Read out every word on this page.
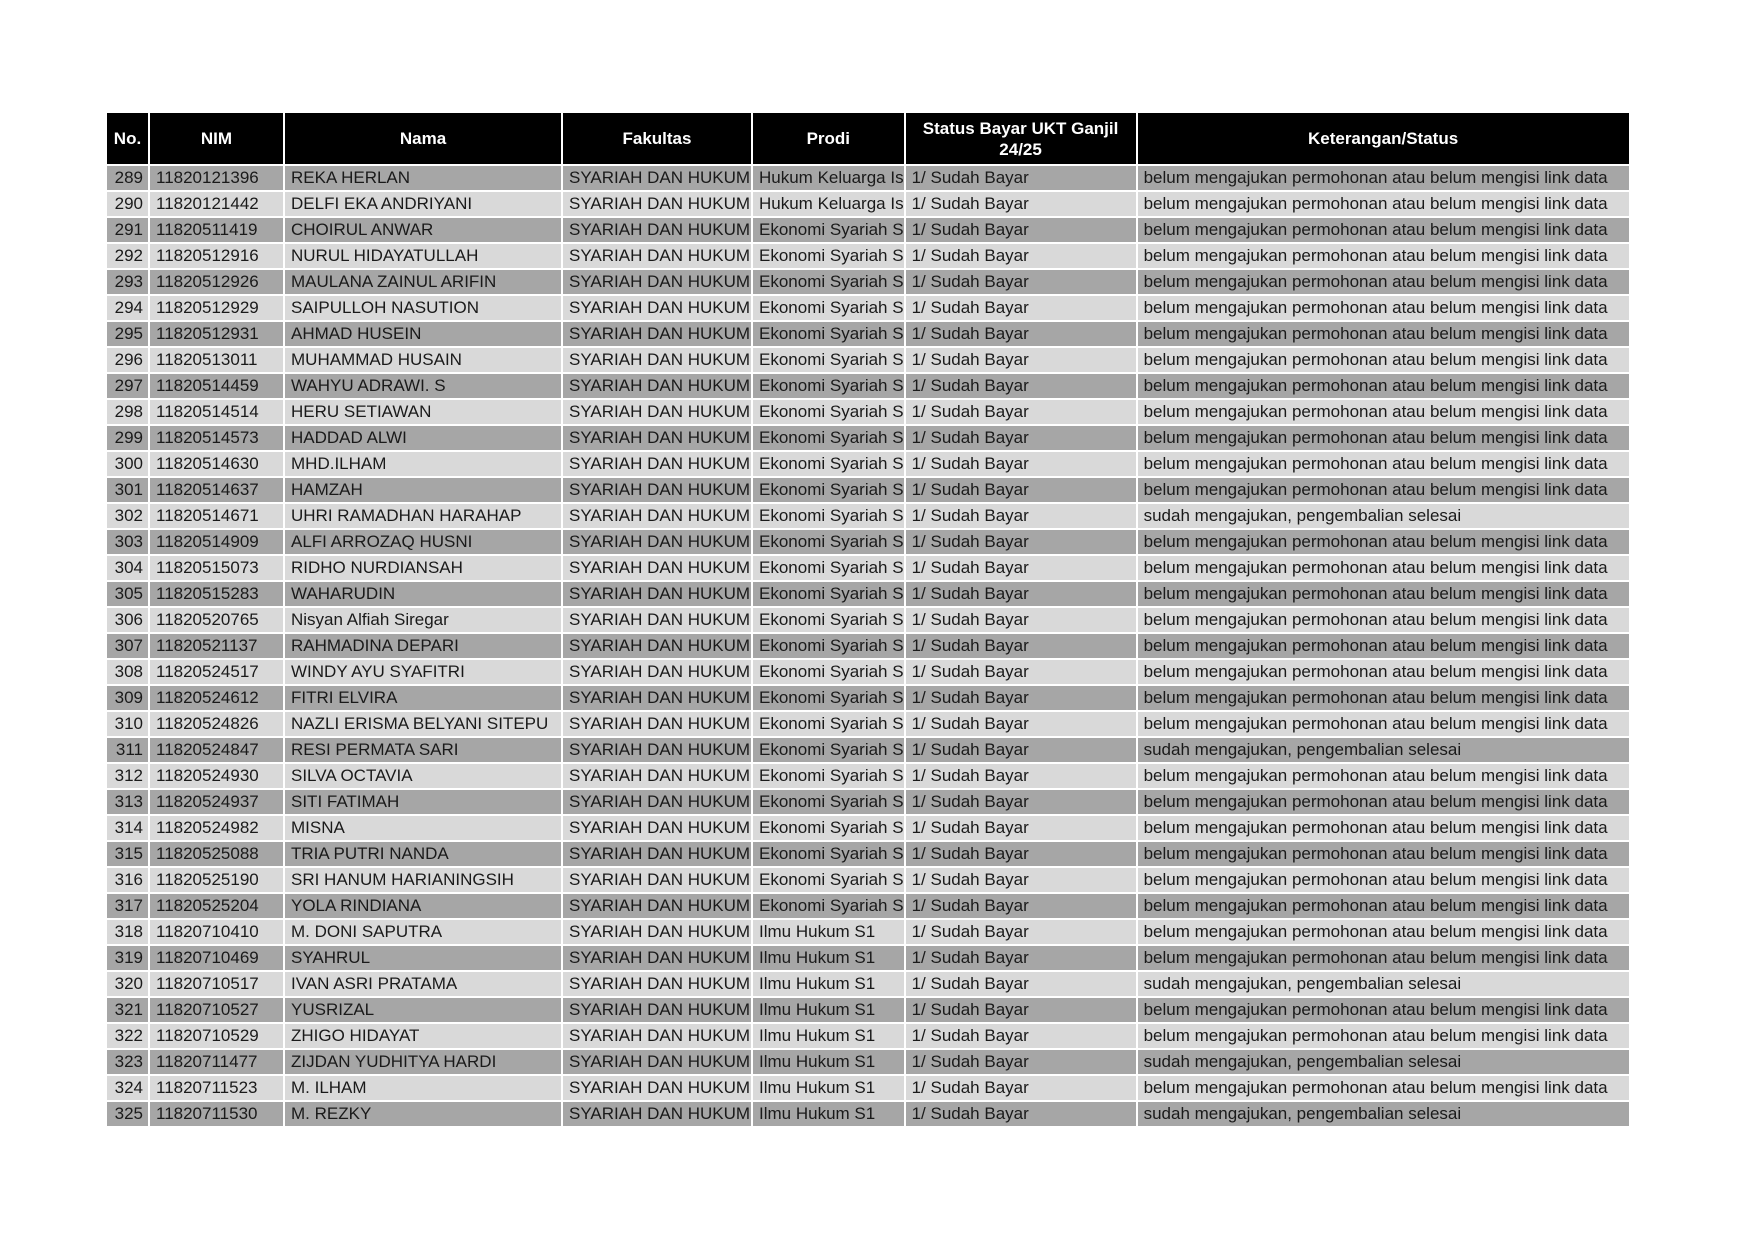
No.	NIM	Nama	Fakultas	Prodi	Status Bayar UKT Ganjil 24/25	Keterangan/Status
289	11820121396	REKA HERLAN	SYARIAH DAN HUKUM	Hukum Keluarga Is	1/ Sudah Bayar	belum mengajukan permohonan atau belum mengisi link data
290	11820121442	DELFI EKA ANDRIYANI	SYARIAH DAN HUKUM	Hukum Keluarga Is	1/ Sudah Bayar	belum mengajukan permohonan atau belum mengisi link data
291	11820511419	CHOIRUL ANWAR	SYARIAH DAN HUKUM	Ekonomi Syariah S	1/ Sudah Bayar	belum mengajukan permohonan atau belum mengisi link data
292	11820512916	NURUL HIDAYATULLAH	SYARIAH DAN HUKUM	Ekonomi Syariah S	1/ Sudah Bayar	belum mengajukan permohonan atau belum mengisi link data
293	11820512926	MAULANA ZAINUL ARIFIN	SYARIAH DAN HUKUM	Ekonomi Syariah S	1/ Sudah Bayar	belum mengajukan permohonan atau belum mengisi link data
294	11820512929	SAIPULLOH NASUTION	SYARIAH DAN HUKUM	Ekonomi Syariah S	1/ Sudah Bayar	belum mengajukan permohonan atau belum mengisi link data
295	11820512931	AHMAD HUSEIN	SYARIAH DAN HUKUM	Ekonomi Syariah S	1/ Sudah Bayar	belum mengajukan permohonan atau belum mengisi link data
296	11820513011	MUHAMMAD HUSAIN	SYARIAH DAN HUKUM	Ekonomi Syariah S	1/ Sudah Bayar	belum mengajukan permohonan atau belum mengisi link data
297	11820514459	WAHYU ADRAWI. S	SYARIAH DAN HUKUM	Ekonomi Syariah S	1/ Sudah Bayar	belum mengajukan permohonan atau belum mengisi link data
298	11820514514	HERU SETIAWAN	SYARIAH DAN HUKUM	Ekonomi Syariah S	1/ Sudah Bayar	belum mengajukan permohonan atau belum mengisi link data
299	11820514573	HADDAD ALWI	SYARIAH DAN HUKUM	Ekonomi Syariah S	1/ Sudah Bayar	belum mengajukan permohonan atau belum mengisi link data
300	11820514630	MHD.ILHAM	SYARIAH DAN HUKUM	Ekonomi Syariah S	1/ Sudah Bayar	belum mengajukan permohonan atau belum mengisi link data
301	11820514637	HAMZAH	SYARIAH DAN HUKUM	Ekonomi Syariah S	1/ Sudah Bayar	belum mengajukan permohonan atau belum mengisi link data
302	11820514671	UHRI RAMADHAN HARAHAP	SYARIAH DAN HUKUM	Ekonomi Syariah S	1/ Sudah Bayar	sudah mengajukan, pengembalian selesai
303	11820514909	ALFI ARROZAQ HUSNI	SYARIAH DAN HUKUM	Ekonomi Syariah S	1/ Sudah Bayar	belum mengajukan permohonan atau belum mengisi link data
304	11820515073	RIDHO NURDIANSAH	SYARIAH DAN HUKUM	Ekonomi Syariah S	1/ Sudah Bayar	belum mengajukan permohonan atau belum mengisi link data
305	11820515283	WAHARUDIN	SYARIAH DAN HUKUM	Ekonomi Syariah S	1/ Sudah Bayar	belum mengajukan permohonan atau belum mengisi link data
306	11820520765	Nisyan Alfiah Siregar	SYARIAH DAN HUKUM	Ekonomi Syariah S	1/ Sudah Bayar	belum mengajukan permohonan atau belum mengisi link data
307	11820521137	RAHMADINA DEPARI	SYARIAH DAN HUKUM	Ekonomi Syariah S	1/ Sudah Bayar	belum mengajukan permohonan atau belum mengisi link data
308	11820524517	WINDY AYU SYAFITRI	SYARIAH DAN HUKUM	Ekonomi Syariah S	1/ Sudah Bayar	belum mengajukan permohonan atau belum mengisi link data
309	11820524612	FITRI ELVIRA	SYARIAH DAN HUKUM	Ekonomi Syariah S	1/ Sudah Bayar	belum mengajukan permohonan atau belum mengisi link data
310	11820524826	NAZLI ERISMA BELYANI SITEPU	SYARIAH DAN HUKUM	Ekonomi Syariah S	1/ Sudah Bayar	belum mengajukan permohonan atau belum mengisi link data
311	11820524847	RESI PERMATA SARI	SYARIAH DAN HUKUM	Ekonomi Syariah S	1/ Sudah Bayar	sudah mengajukan, pengembalian selesai
312	11820524930	SILVA OCTAVIA	SYARIAH DAN HUKUM	Ekonomi Syariah S	1/ Sudah Bayar	belum mengajukan permohonan atau belum mengisi link data
313	11820524937	SITI FATIMAH	SYARIAH DAN HUKUM	Ekonomi Syariah S	1/ Sudah Bayar	belum mengajukan permohonan atau belum mengisi link data
314	11820524982	MISNA	SYARIAH DAN HUKUM	Ekonomi Syariah S	1/ Sudah Bayar	belum mengajukan permohonan atau belum mengisi link data
315	11820525088	TRIA PUTRI NANDA	SYARIAH DAN HUKUM	Ekonomi Syariah S	1/ Sudah Bayar	belum mengajukan permohonan atau belum mengisi link data
316	11820525190	SRI HANUM HARIANINGSIH	SYARIAH DAN HUKUM	Ekonomi Syariah S	1/ Sudah Bayar	belum mengajukan permohonan atau belum mengisi link data
317	11820525204	YOLA RINDIANA	SYARIAH DAN HUKUM	Ekonomi Syariah S	1/ Sudah Bayar	belum mengajukan permohonan atau belum mengisi link data
318	11820710410	M. DONI SAPUTRA	SYARIAH DAN HUKUM	Ilmu Hukum S1	1/ Sudah Bayar	belum mengajukan permohonan atau belum mengisi link data
319	11820710469	SYAHRUL	SYARIAH DAN HUKUM	Ilmu Hukum S1	1/ Sudah Bayar	belum mengajukan permohonan atau belum mengisi link data
320	11820710517	IVAN ASRI PRATAMA	SYARIAH DAN HUKUM	Ilmu Hukum S1	1/ Sudah Bayar	sudah mengajukan, pengembalian selesai
321	11820710527	YUSRIZAL	SYARIAH DAN HUKUM	Ilmu Hukum S1	1/ Sudah Bayar	belum mengajukan permohonan atau belum mengisi link data
322	11820710529	ZHIGO HIDAYAT	SYARIAH DAN HUKUM	Ilmu Hukum S1	1/ Sudah Bayar	belum mengajukan permohonan atau belum mengisi link data
323	11820711477	ZIJDAN YUDHITYA HARDI	SYARIAH DAN HUKUM	Ilmu Hukum S1	1/ Sudah Bayar	sudah mengajukan, pengembalian selesai
324	11820711523	M. ILHAM	SYARIAH DAN HUKUM	Ilmu Hukum S1	1/ Sudah Bayar	belum mengajukan permohonan atau belum mengisi link data
325	11820711530	M. REZKY	SYARIAH DAN HUKUM	Ilmu Hukum S1	1/ Sudah Bayar	sudah mengajukan, pengembalian selesai
